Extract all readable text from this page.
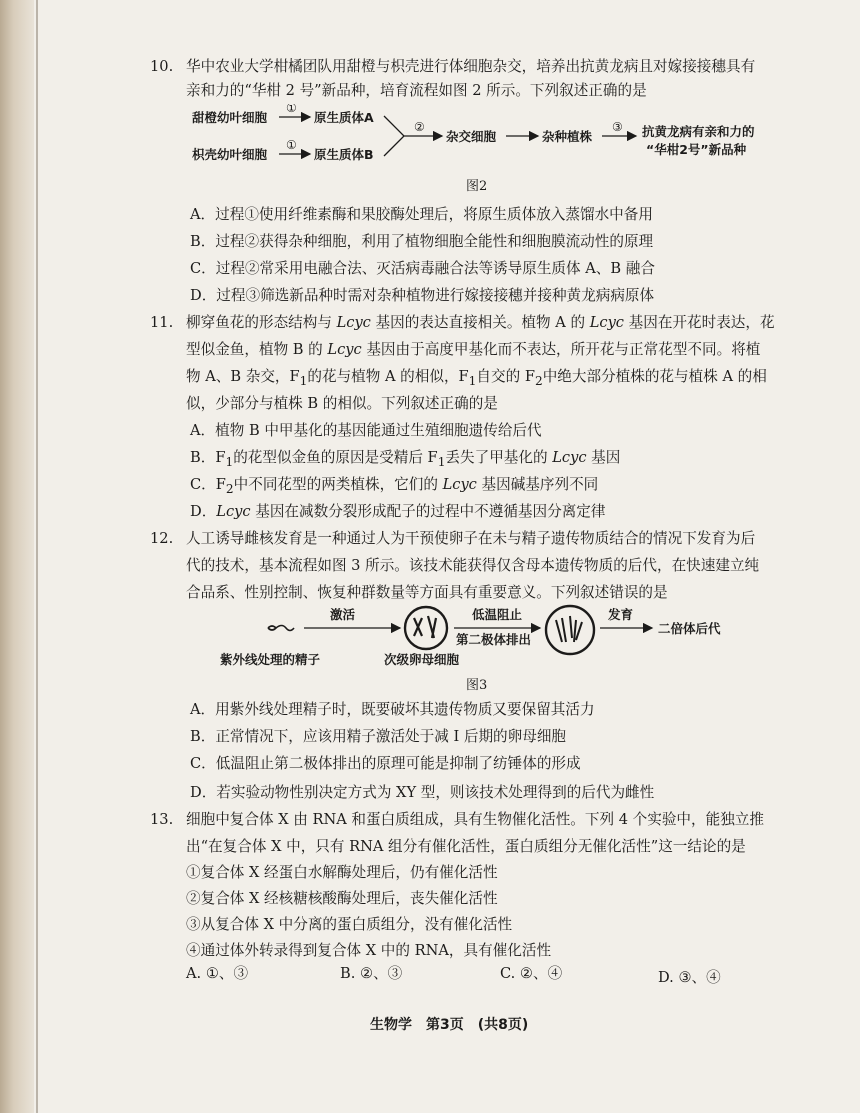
10. 华中农业大学柑橘团队用甜橙与枳壳进行体细胞杂交，培养出抗黄龙病且对嫁接接穗具有
亲和力的“华柑 2 号”新品种，培育流程如图 2 所示。下列叙述正确的是
甜橙幼叶细胞
①
原生质体A
枳壳幼叶细胞
①
原生质体B
②
杂交细胞	杂种植株
③ 抗黄龙病有亲和力的
“华柑2号”新品种
图2
A．过程①使用纤维素酶和果胶酶处理后，将原生质体放入蒸馏水中备用
B．过程②获得杂种细胞，利用了植物细胞全能性和细胞膜流动性的原理
C．过程②常采用电融合法、灭活病毒融合法等诱导原生质体 A、B 融合
D．过程③筛选新品种时需对杂种植物进行嫁接接穗并接种黄龙病病原体
11. 柳穿鱼花的形态结构与 Lcyc 基因的表达直接相关。植物 A 的 Lcyc 基因在开花时表达，花
型似金鱼，植物 B 的 Lcyc 基因由于高度甲基化而不表达，所开花与正常花型不同。将植
物 A、B 杂交，$F_1$的花与植物 A 的相似，$F_1$自交的 $F_2$中绝大部分植株的花与植株 A 的相
似，少部分与植株 B 的相似。下列叙述正确的是
A．植物 B 中甲基化的基因能通过生殖细胞遗传给后代
B．$F_1$的花型似金鱼的原因是受精后 $F_1$丢失了甲基化的 Lcyc 基因
C．$F_2$中不同花型的两类植株，它们的 Lcyc 基因碱基序列不同
D．Lcyc 基因在减数分裂形成配子的过程中不遵循基因分离定律
12. 人工诱导雌核发育是一种通过人为干预使卵子在未与精子遗传物质结合的情况下发育为后
代的技术，基本流程如图 3 所示。该技术能获得仅含母本遗传物质的后代，在快速建立纯
合品系、性别控制、恢复种群数量等方面具有重要意义。下列叙述错误的是
激活	低温阻止
第二极体排出
发育
二倍体后代
紫外线处理的精子	次级卵母细胞
图3
A．用紫外线处理精子时，既要破坏其遗传物质又要保留其活力
B．正常情况下，应该用精子激活处于减 I 后期的卵母细胞
C．低温阻止第二极体排出的原理可能是抑制了纺锤体的形成
D．若实验动物性别决定方式为 XY 型，则该技术处理得到的后代为雌性
13. 细胞中复合体 X 由 RNA 和蛋白质组成，具有生物催化活性。下列 4 个实验中，能独立推
出“在复合体 X 中，只有 RNA 组分有催化活性，蛋白质组分无催化活性”这一结论的是
①复合体 X 经蛋白水解酶处理后，仍有催化活性
②复合体 X 经核糖核酸酶处理后，丧失催化活性
③从复合体 X 中分离的蛋白质组分，没有催化活性
④通过体外转录得到复合体 X 中的 RNA，具有催化活性
A. ①、③	B. ②、③	C. ②、④	D. ③、④
生物学　第3页　(共8页)
